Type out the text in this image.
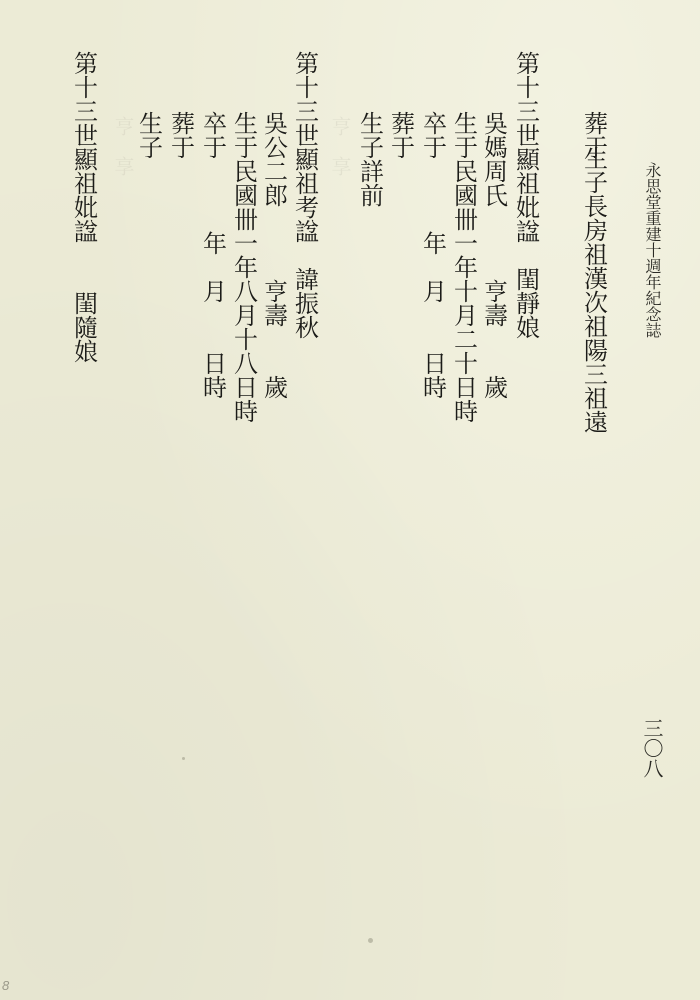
　亨　享	　亨　享
永思堂重建十週年紀念誌
葬于
生子長房祖漢次祖陽三祖遠
第十三世顯祖妣諡　閨靜娘
吳媽周氏　　　亨壽　　歲
生于民國卌一年十月二十日時
卒于　　　年　月　　日時
葬于
生子詳前
第十三世顯祖考諡　諱振秋
吳公二郎　　　亨壽　　歲
生于民國卌一年八月十八日時
卒于　　　年　月　　日時
葬于
生子
第十三世顯祖妣諡　　閨隨娘
三〇八
8
